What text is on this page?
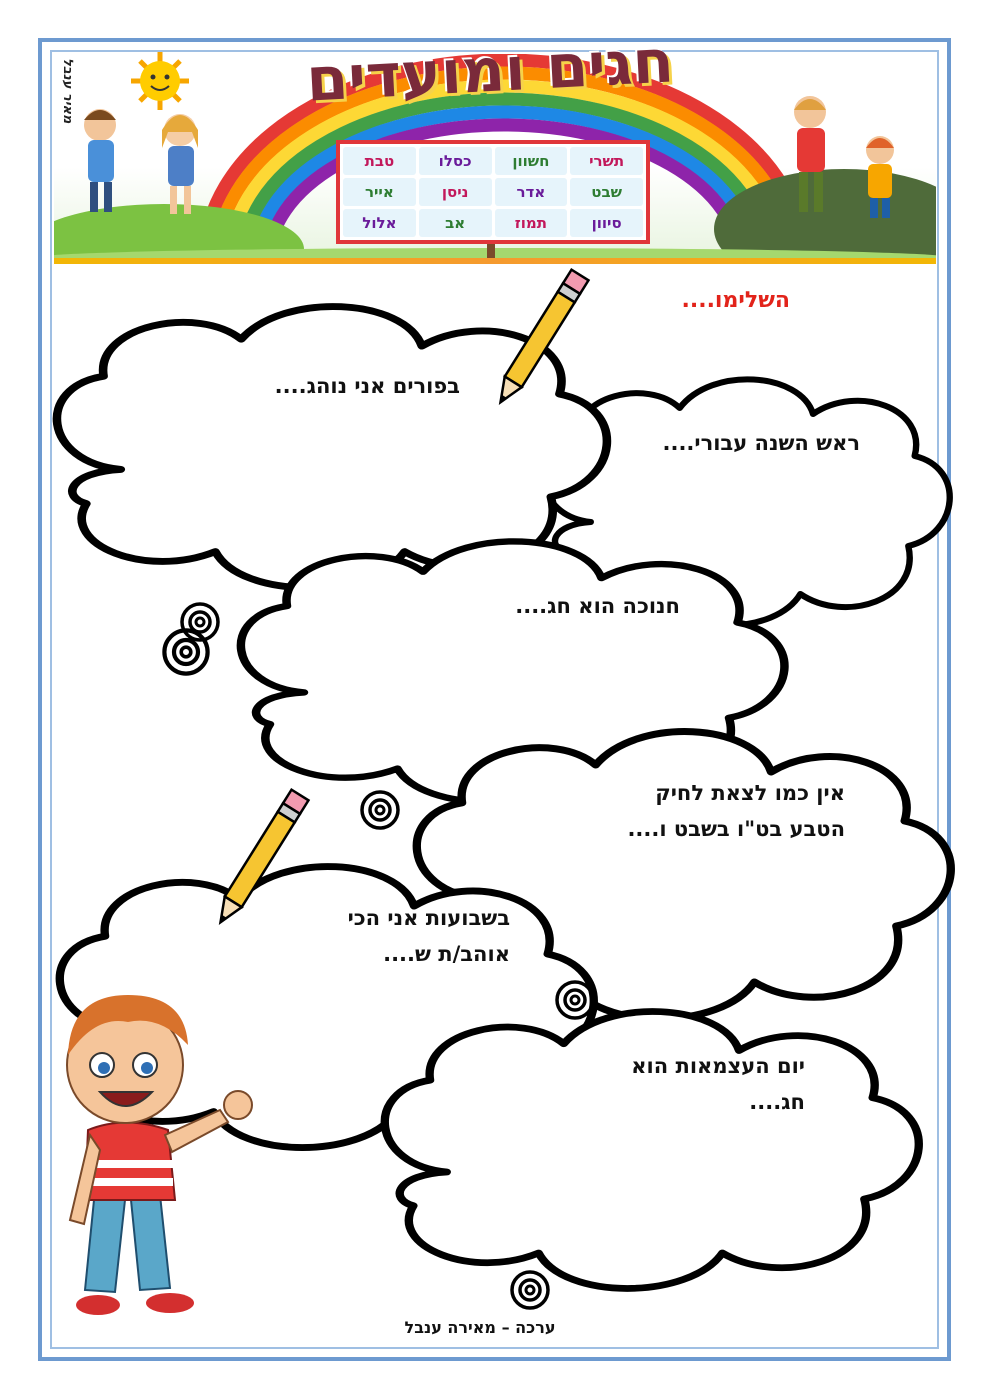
חגים ומועדים
תשרי
חשוון
כסלו
טבת
שבט
אדר
ניסן
אייר
סיוון
תמוז
אב
אלול
מאיר ענבל
השלימו....
בפורים אני נוהג....
ראש השנה עבורי....
חנוכה הוא חג....
אין כמו לצאת לחיק
הטבע בט"ו בשבט ו....
בשבועות אני הכי
אוהב/ת ש....
יום העצמאות הוא
חג....
ערכה – מאירה ענבל
